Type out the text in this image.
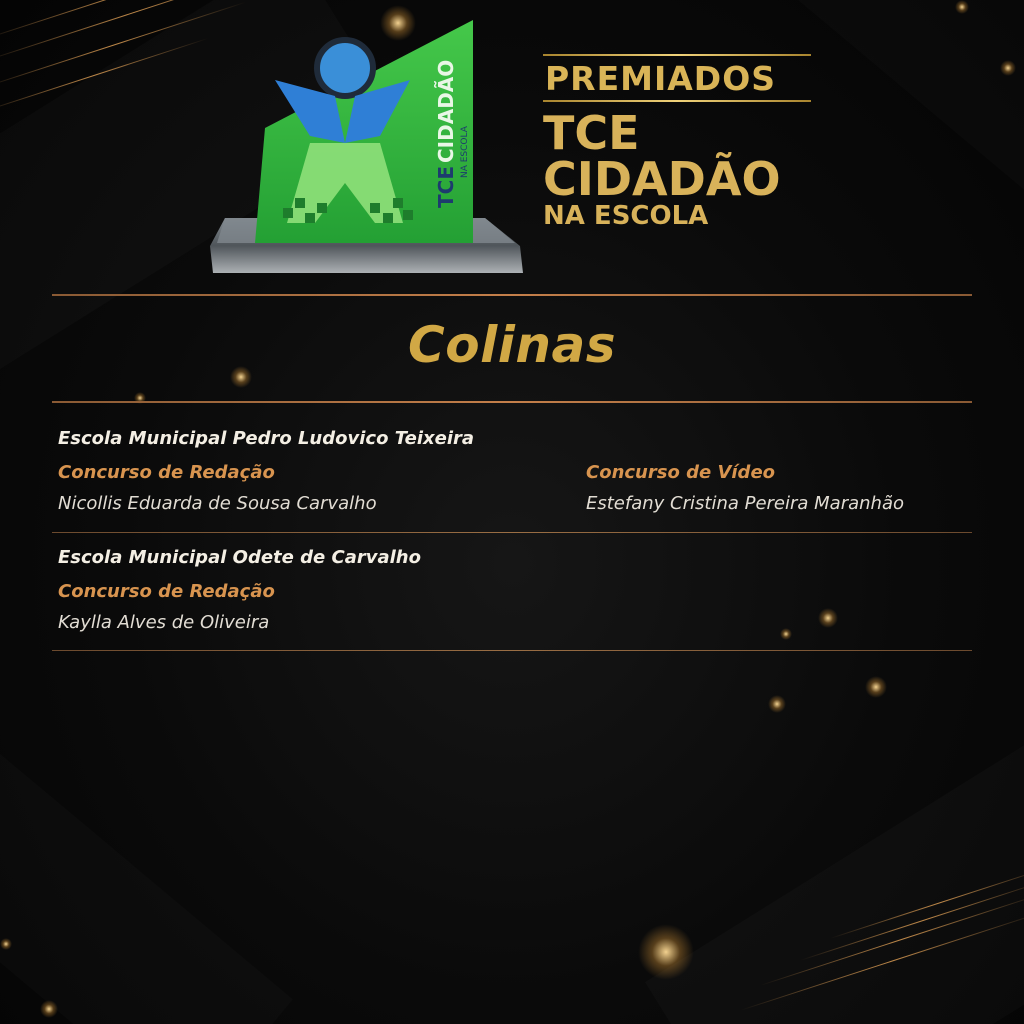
TCE
CIDADÃO NA ESCOLA
PREMIADOS
TCE
CIDADÃO
NA ESCOLA
Colinas
Escola Municipal Pedro Ludovico Teixeira
Concurso de Redação
Nicollis Eduarda de Sousa Carvalho
Concurso de Vídeo
Estefany Cristina Pereira Maranhão
Escola Municipal Odete de Carvalho
Concurso de Redação
Kaylla Alves de Oliveira
